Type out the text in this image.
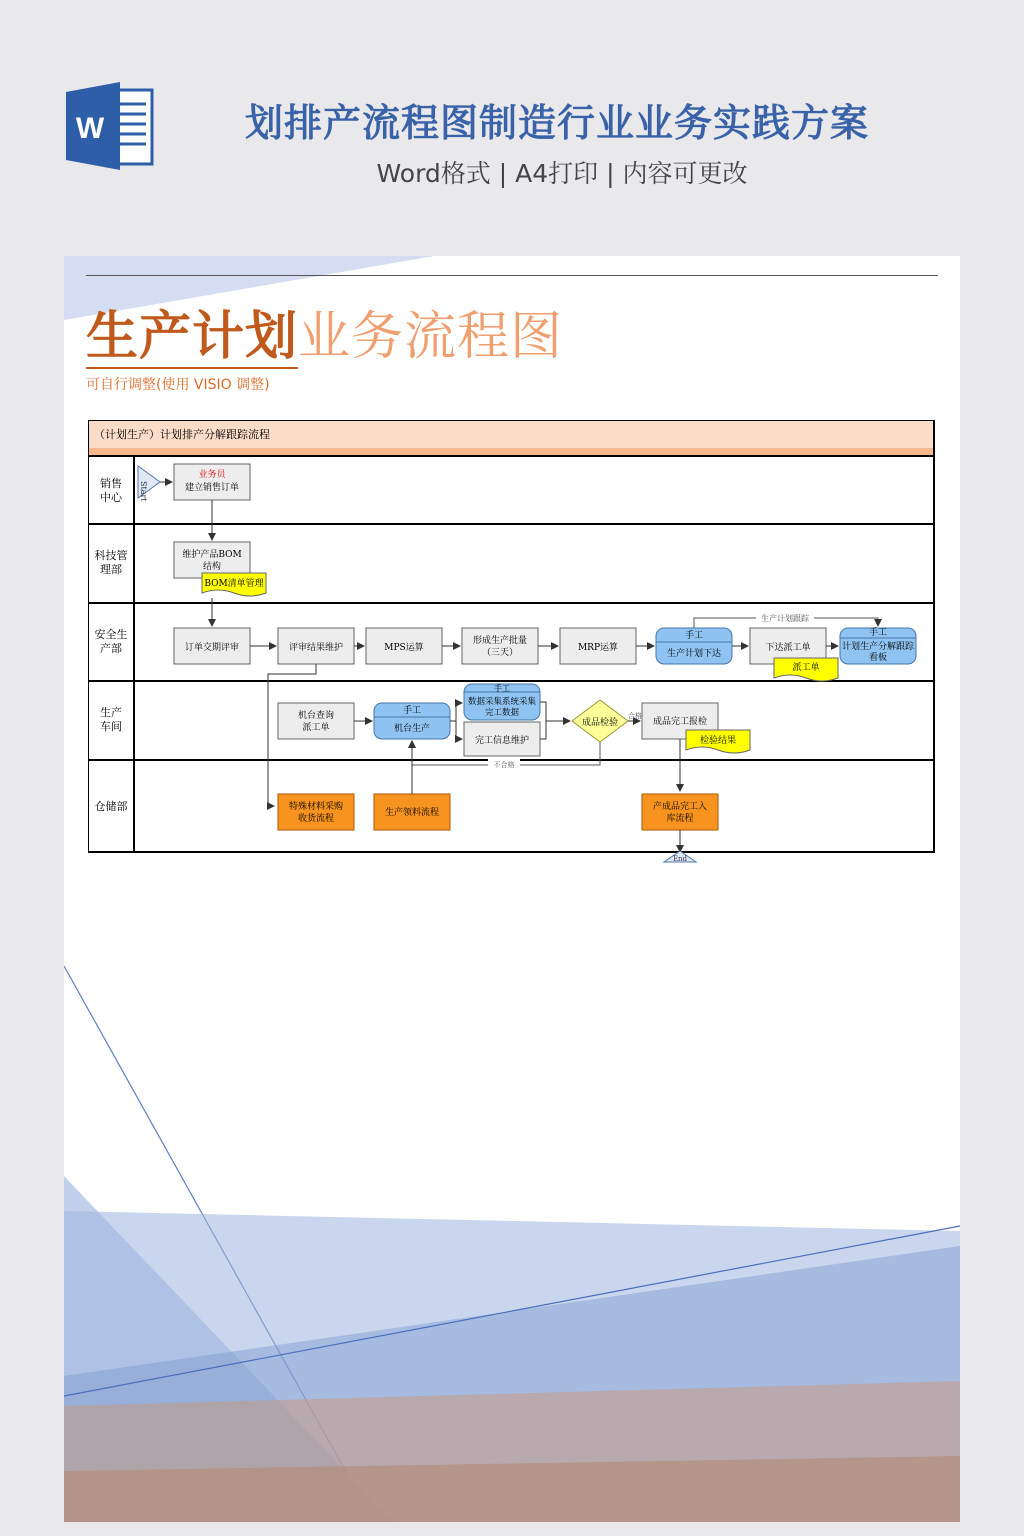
W	划排产流程图制造行业业务实践方案
Word格式 | A4打印 | 内容可更改
生产计划业务流程图
可自行调整(使用 VISIO 调整)
（计划生产）计划排产分解跟踪流程
销售
中心
科技管
理部
安全生
产部
生产
车间
仓储部
Start
业务员
建立销售订单
维护产品BOM
结构
BOM清单管理
订单交期评审	评审结果维护	MPS运算
形成生产批量
（三天）	MRP运算
手工
生产计划下达
下达派工单
派工单
手工
计划生产分解跟踪
看板
生产计划跟踪
机台查询
派工单
手工
机台生产
手工
数据采集系统采集
完工数据
完工信息维护
成品检验
合格
不合格
成品完工报检
检验结果
特殊材料采购
收货流程
生产领料流程
产成品完工入
库流程
End
